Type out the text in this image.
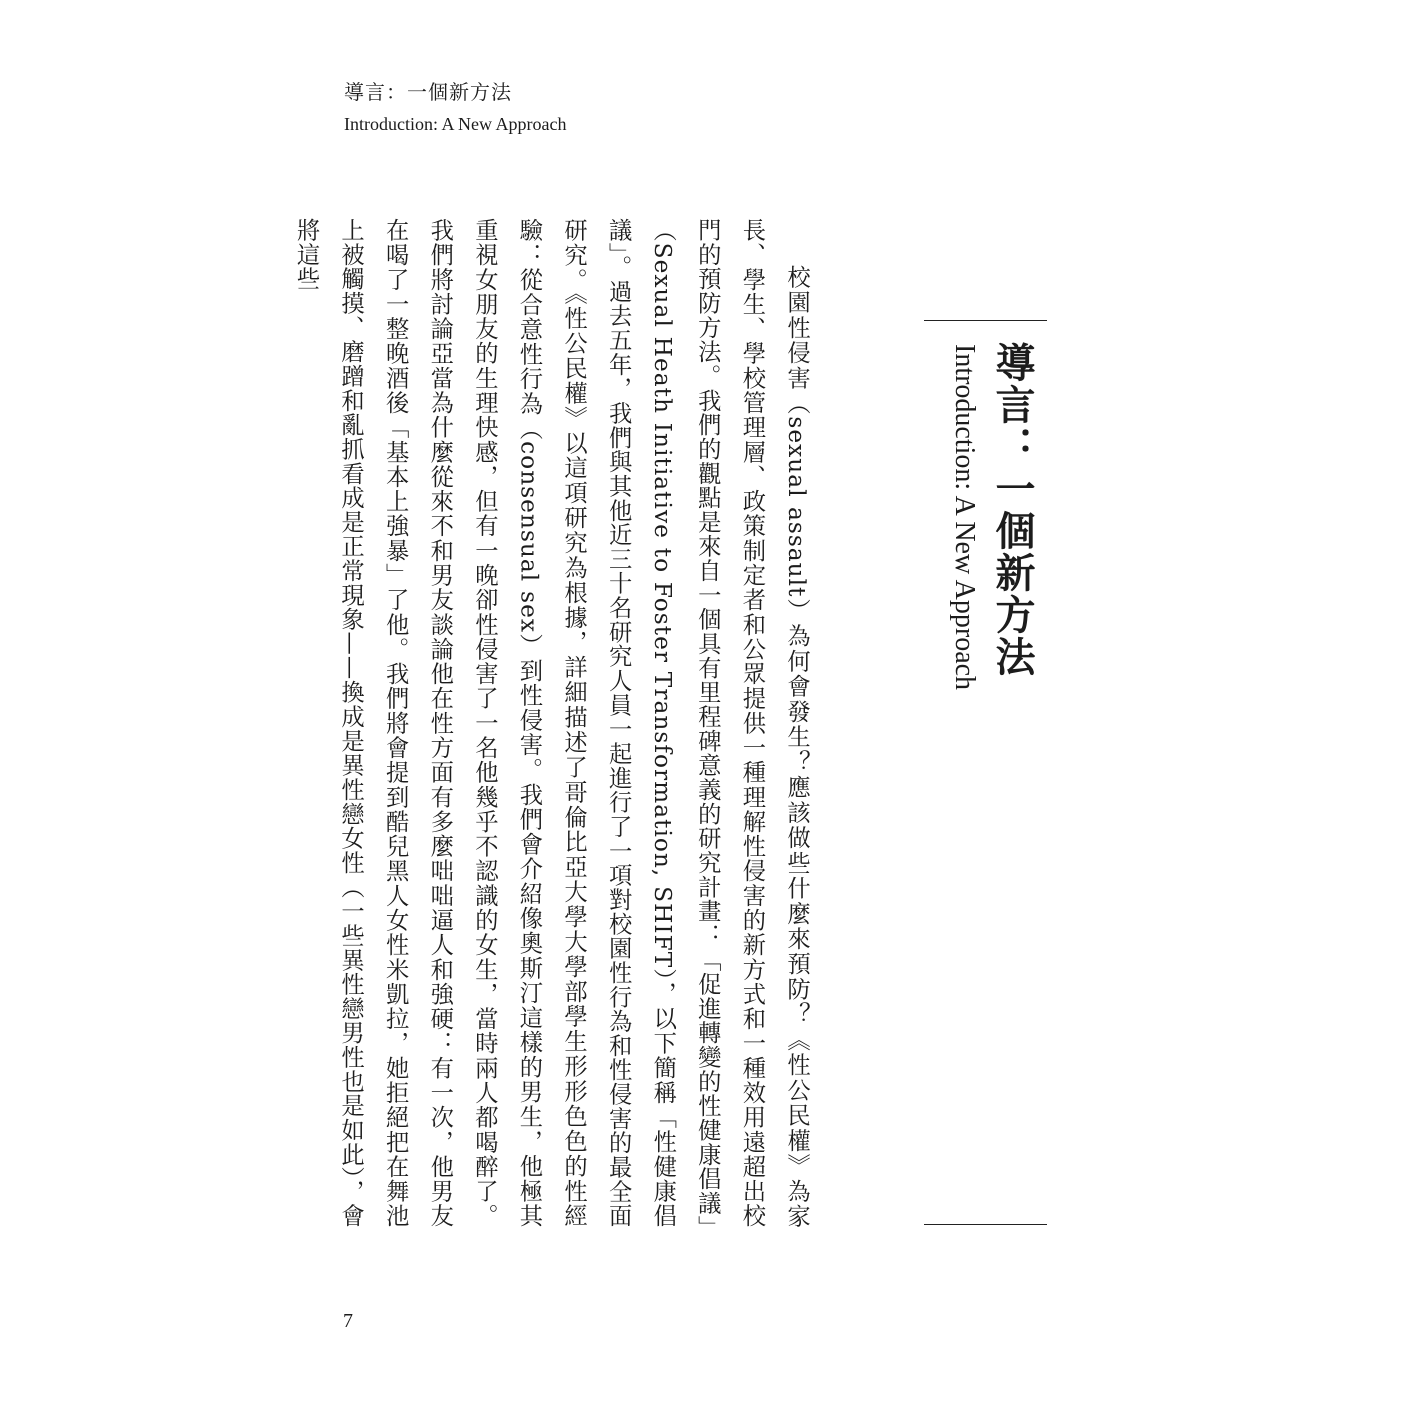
導言：一個新方法
Introduction: A New Approach
導言：一個新方法
Introduction: A New Approach

校園性侵害（sexual assault）為何會發生？應該做些什麼來預防？《性公民權》為家長、學生、學校管理層、政策制定者和公眾提供一種理解性侵害的新方式和一種效用遠超出校門的預防方法。我們的觀點是來自一個具有里程碑意義的研究計畫：「促進轉變的性健康倡議」（Sexual Heath Initiative to Foster Transformation, SHIFT），以下簡稱「性健康倡議」。過去五年，我們與其他近三十名研究人員一起進行了一項對校園性行為和性侵害的最全面研究。《性公民權》以這項研究為根據，詳細描述了哥倫比亞大學大學部學生形形色色的性經驗：從合意性行為（consensual sex）到性侵害。我們會介紹像奧斯汀這樣的男生，他極其重視女朋友的生理快感，但有一晚卻性侵害了一名他幾乎不認識的女生，當時兩人都喝醉了。我們將討論亞當為什麼從來不和男友談論他在性方面有多麼咄咄逼人和強硬：有一次，他男友在喝了一整晚酒後「基本上強暴」了他。我們將會提到酷兒黑人女性米凱拉，她拒絕把在舞池上被觸摸、磨蹭和亂抓看成是正常現象——換成是異性戀女性（一些異性戀男性也是如此），會將這些

7
